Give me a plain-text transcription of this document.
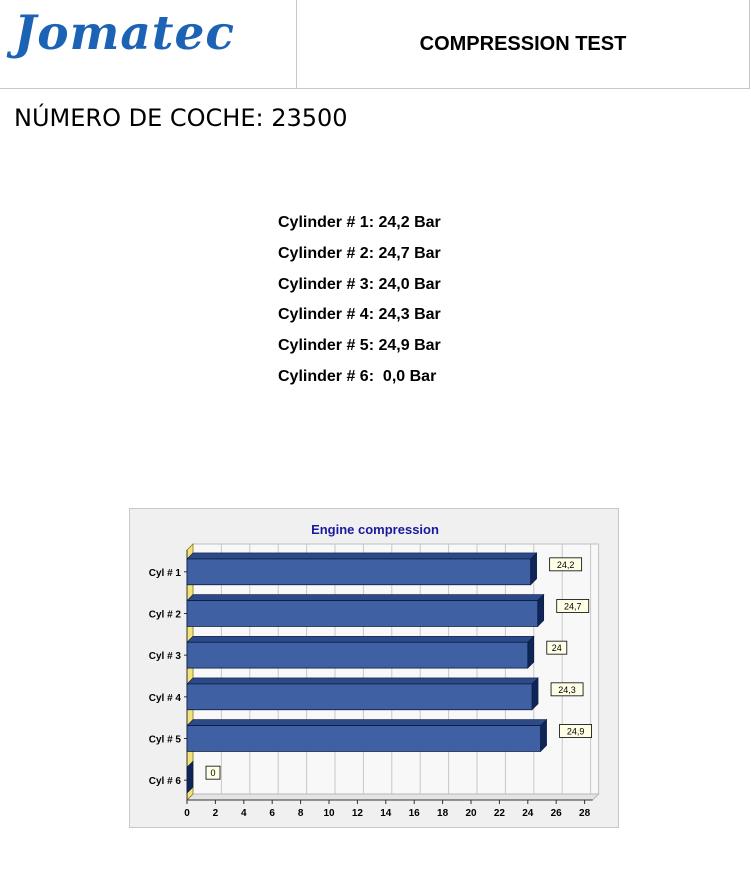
Jomatec	COMPRESSION TEST
NÚMERO DE COCHE: 23500
Cylinder # 1: 24,2 Bar
Cylinder # 2: 24,7 Bar
Cylinder # 3: 24,0 Bar
Cylinder # 4: 24,3 Bar
Cylinder # 5: 24,9 Bar
Cylinder # 6:  0,0 Bar
Engine compression
0 2 4 6 8 10 12 14 16 18 20 22 24 26 28
Cyl # 1
24,2
Cyl # 2
24,7
Cyl # 3
24
Cyl # 4
24,3
Cyl # 5
24,9
Cyl # 6
0
